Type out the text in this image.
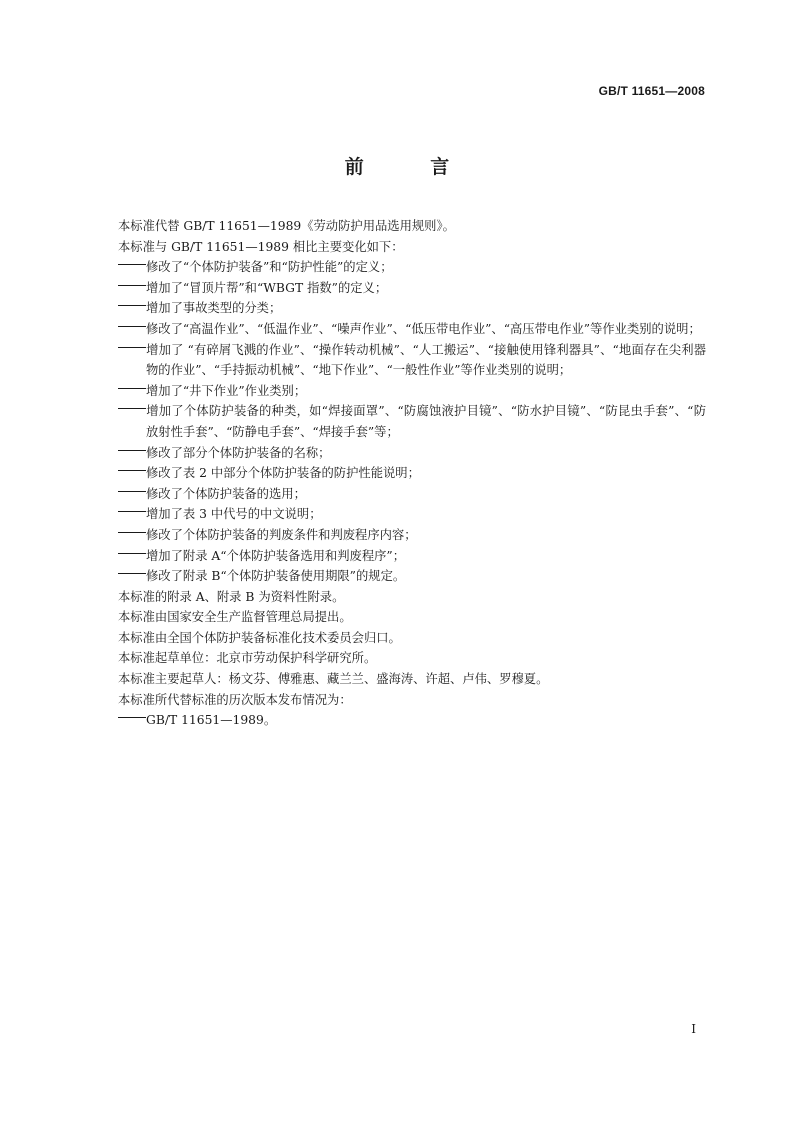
GB/T 11651—2008

前 言

本标准代替 GB/T 11651—1989《劳动防护用品选用规则》。

本标准与 GB/T 11651—1989 相比主要变化如下：

修改了“个体防护装备”和“防护性能”的定义；

增加了“冒顶片帮”和“WBGT 指数”的定义；

增加了事故类型的分类；

修改了“高温作业”、“低温作业”、“噪声作业”、“低压带电作业”、“高压带电作业”等作业类别的说明；

增加了 “有碎屑飞溅的作业”、“操作转动机械”、“人工搬运”、“接触使用锋利器具”、“地面存在尖利器物的作业”、“手持振动机械”、“地下作业”、“一般性作业”等作业类别的说明；

增加了“井下作业”作业类别；

增加了个体防护装备的种类，如“焊接面罩”、“防腐蚀液护目镜”、“防水护目镜”、“防昆虫手套”、“防放射性手套”、“防静电手套”、“焊接手套”等；

修改了部分个体防护装备的名称；

修改了表 2 中部分个体防护装备的防护性能说明；

修改了个体防护装备的选用；

增加了表 3 中代号的中文说明；

修改了个体防护装备的判废条件和判废程序内容；

增加了附录 A“个体防护装备选用和判废程序”；

修改了附录 B“个体防护装备使用期限”的规定。

本标准的附录 A、附录 B 为资料性附录。

本标准由国家安全生产监督管理总局提出。

本标准由全国个体防护装备标准化技术委员会归口。

本标准起草单位：北京市劳动保护科学研究所。

本标准主要起草人：杨文芬、傅雅惠、藏兰兰、盛海涛、许超、卢伟、罗穆夏。

本标准所代替标准的历次版本发布情况为：

GB/T 11651—1989。

I
